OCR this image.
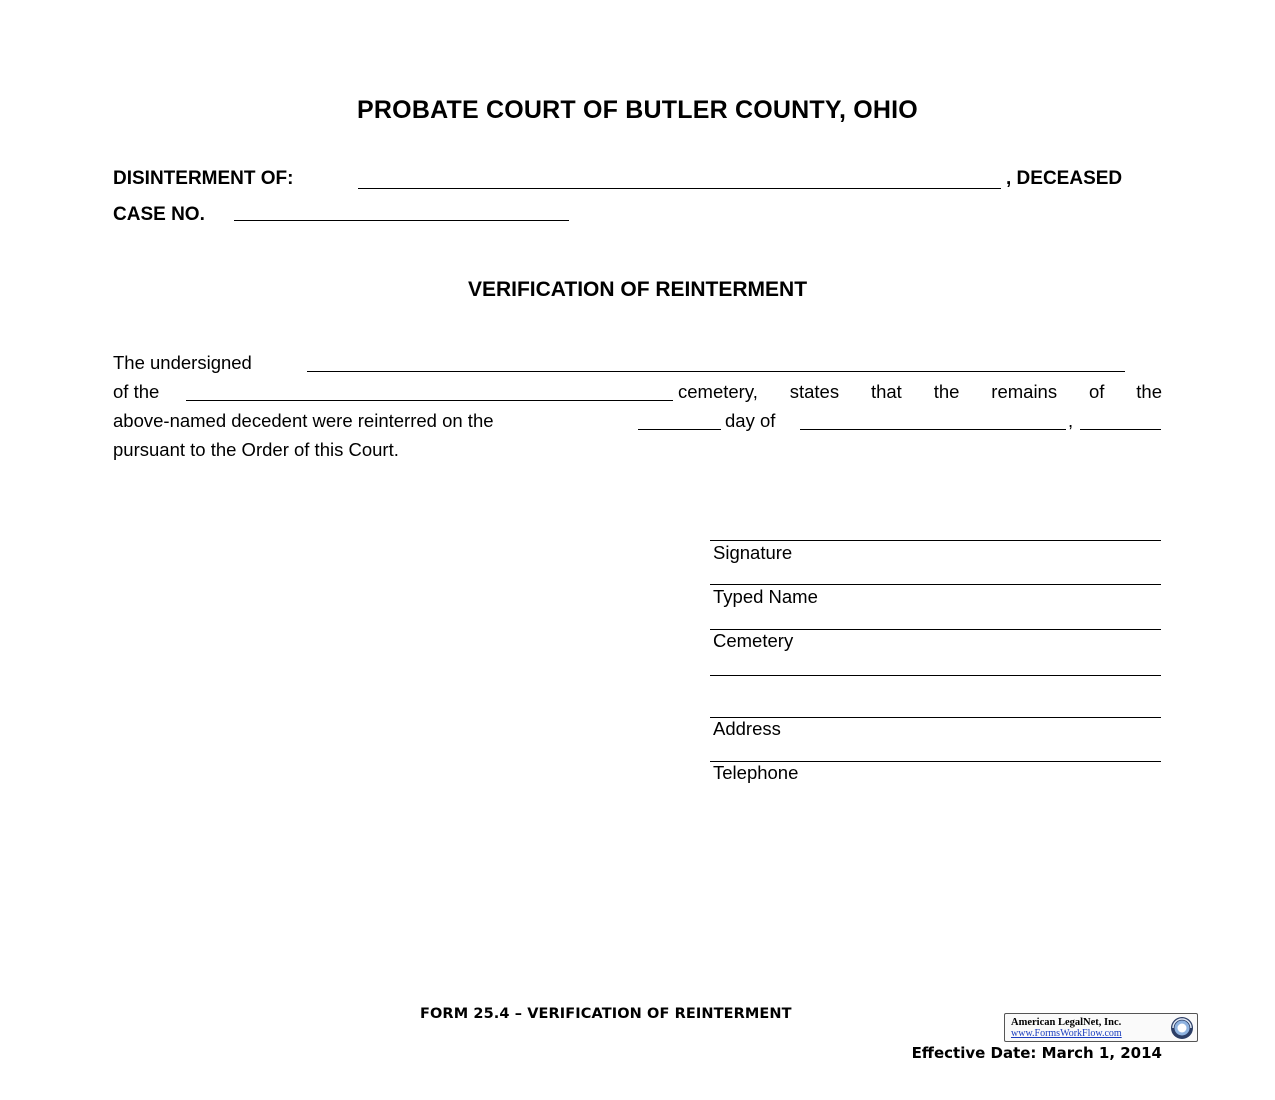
PROBATE COURT OF BUTLER COUNTY, OHIO
DISINTERMENT OF:	, DECEASED
CASE NO.
VERIFICATION OF REINTERMENT
The undersigned
of the	cemetery, states that the remains of the
above-named decedent were reinterred on the	day of	,
pursuant to the Order of this Court.
Signature
Typed Name
Cemetery
Address
Telephone
FORM 25.4 – VERIFICATION OF REINTERMENT
American LegalNet, Inc.
www.FormsWorkFlow.com
Effective Date: March 1, 2014
